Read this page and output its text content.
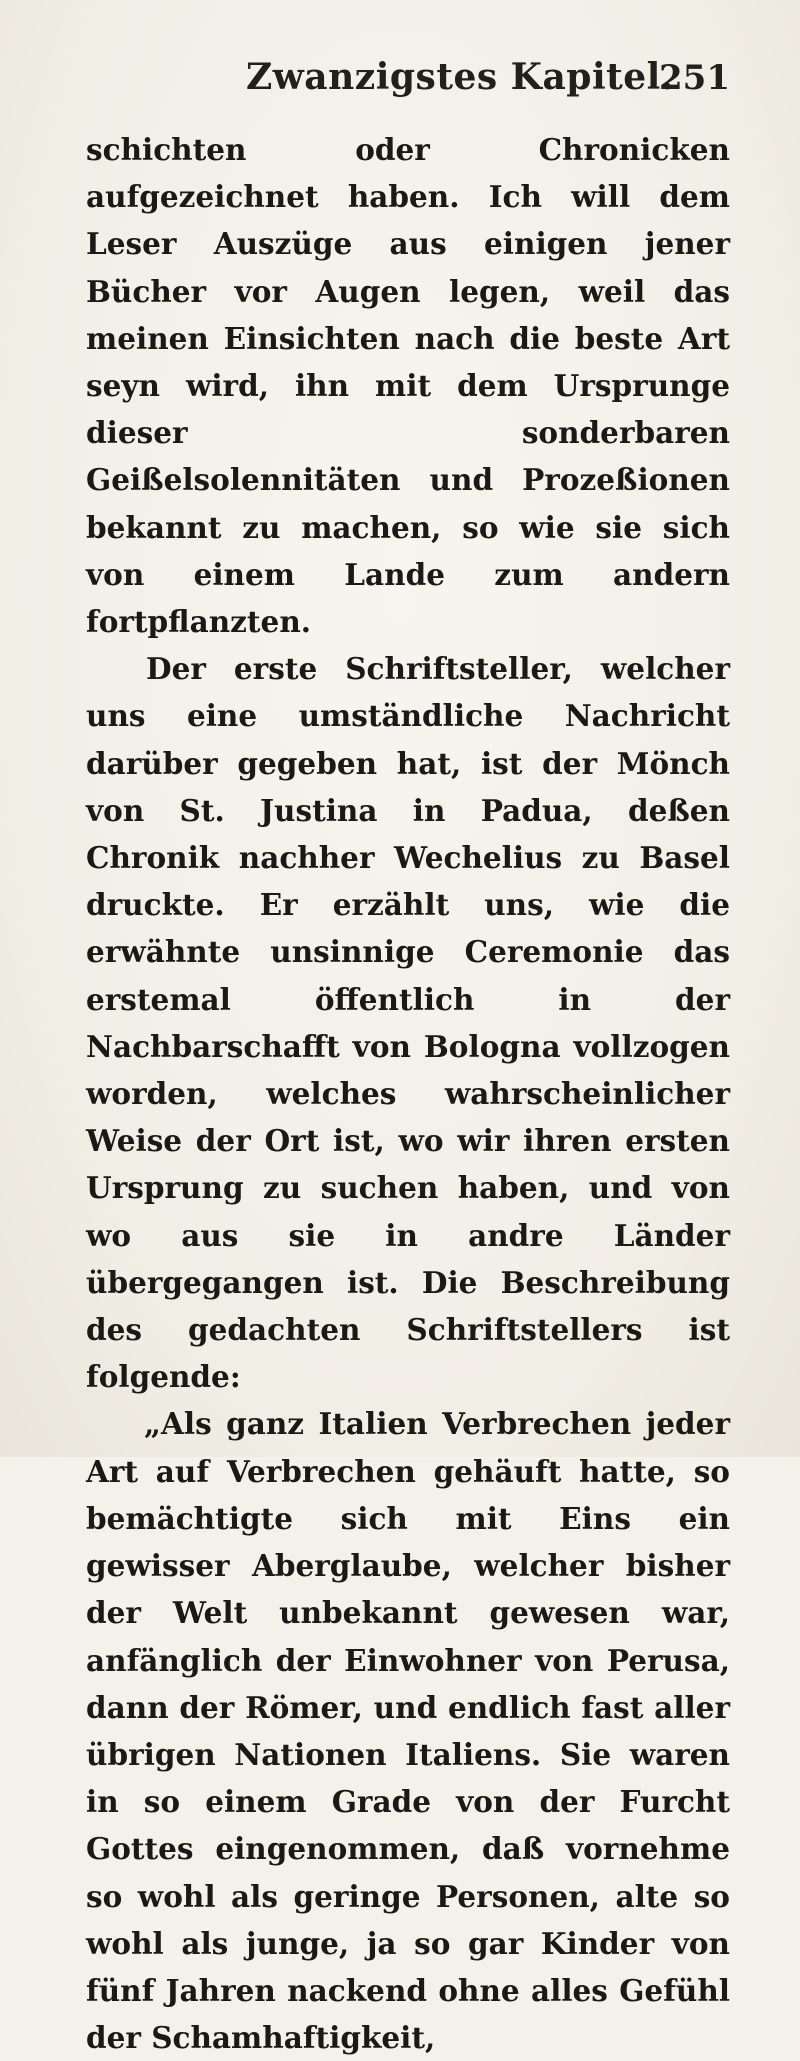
Zwanzigstes Kapitel.
251

schichten oder Chronicken aufgezeichnet haben. Ich will dem Leser Auszüge aus einigen jener Bücher vor Augen legen, weil das meinen Einsichten nach die beste Art seyn wird, ihn mit dem Ursprunge dieser sonderbaren Geißelsolennitäten und Prozeßionen bekannt zu machen, so wie sie sich von einem Lande zum andern fortpflanzten.

Der erste Schriftsteller, welcher uns eine umständliche Nachricht darüber gegeben hat, ist der Mönch von St. Justina in Padua, deßen Chronik nachher Wechelius zu Basel druckte. Er erzählt uns, wie die erwähnte unsinnige Ceremonie das erstemal öffentlich in der Nachbarschafft von Bologna vollzogen worden, welches wahrscheinlicher Weise der Ort ist, wo wir ihren ersten Ursprung zu suchen haben, und von wo aus sie in andre Länder übergegangen ist. Die Beschreibung des gedachten Schriftstellers ist folgende:

„Als ganz Italien Verbrechen jeder Art auf Verbrechen gehäuft hatte, so bemächtigte sich mit Eins ein gewisser Aberglaube, welcher bisher der Welt unbekannt gewesen war, anfänglich der Einwohner von Perusa, dann der Römer, und endlich fast aller übrigen Nationen Italiens. Sie waren in so einem Grade von der Furcht Gottes eingenommen, daß vornehme so wohl als geringe Personen, alte so wohl als junge, ja so gar Kinder von fünf Jahren nackend ohne alles Gefühl der Schamhaftigkeit,
